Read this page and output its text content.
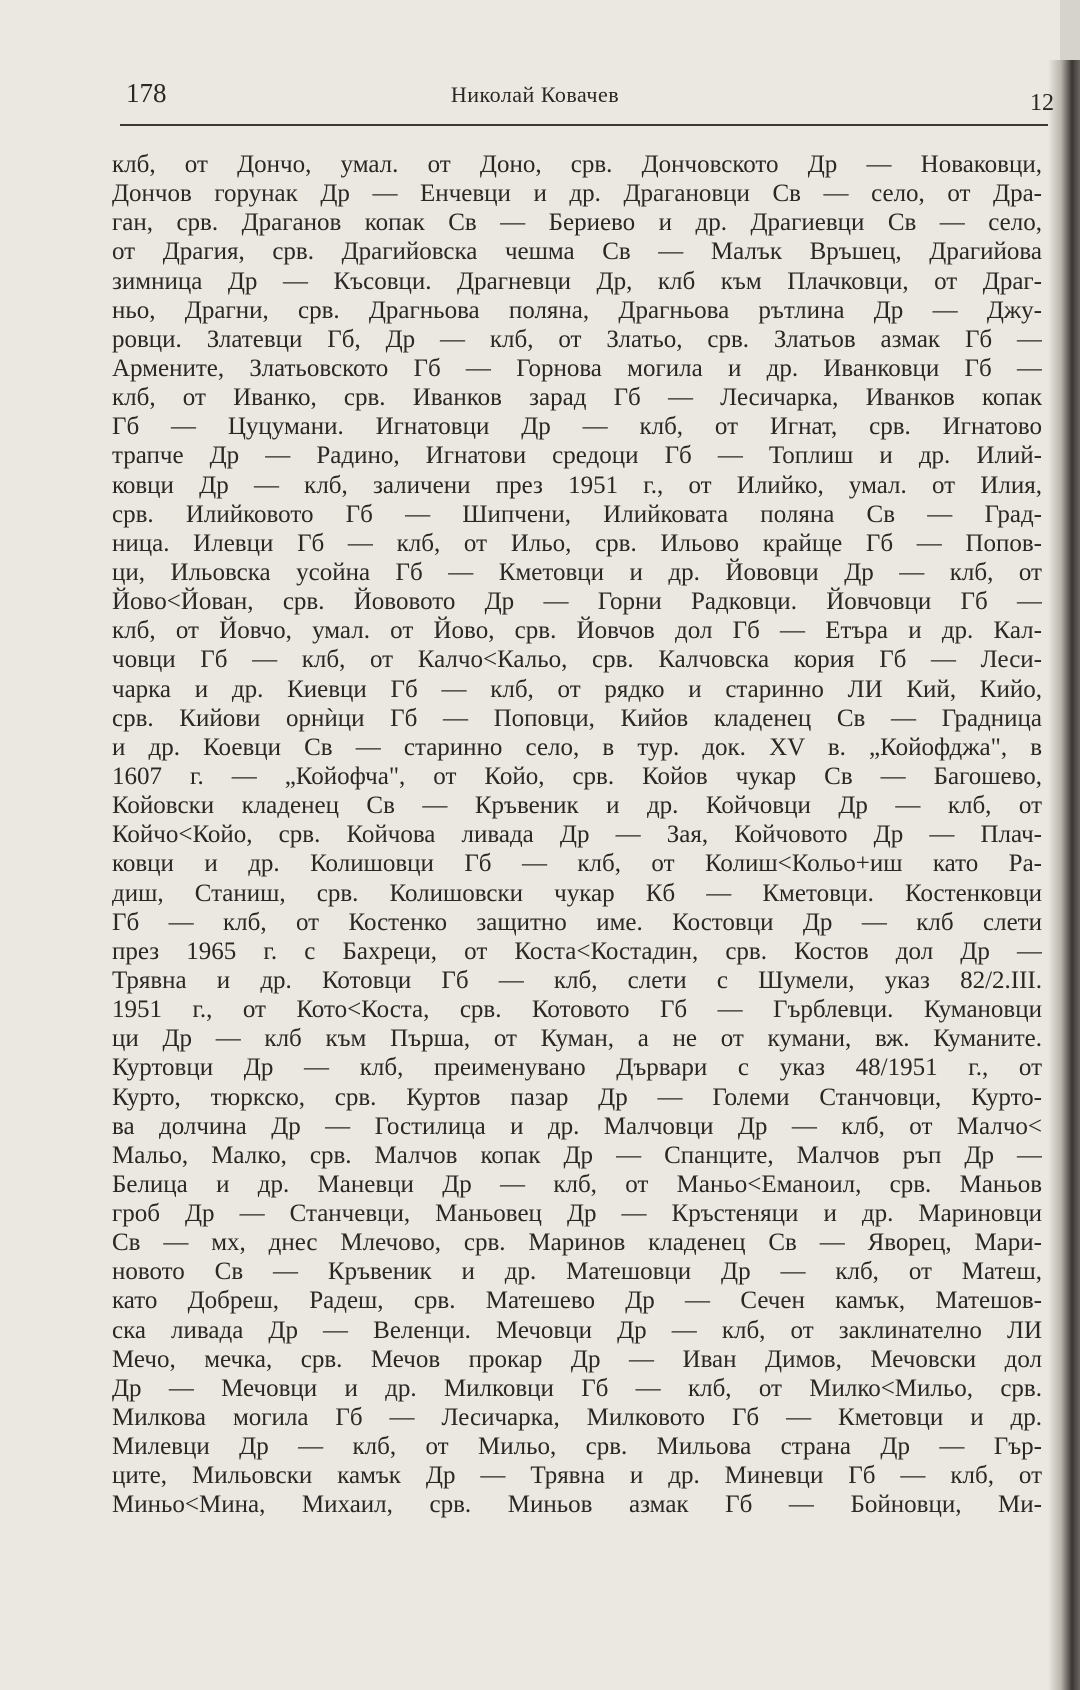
178	Николай Ковачев
клб, от Дончо, умал. от Доно, срв. Дончовското Др — Новаковци,
Дончов горунак Др — Енчевци и др. Драгановци Св — село, от Дра-
ган, срв. Драганов копак Св — Бериево и др. Драгиевци Св — село,
от Драгия, срв. Драгийовска чешма Св — Малък Връшец, Драгийова
зимница Др — Късовци. Драгневци Др, клб към Плачковци, от Драг-
ньо, Драгни, срв. Драгньова поляна, Драгньова рътлина Др — Джу-
ровци. Златевци Гб, Др — клб, от Златьо, срв. Златьов азмак Гб —
Армените, Златьовското Гб — Горнова могила и др. Иванковци Гб —
клб, от Иванко, срв. Иванков зарад Гб — Лесичарка, Иванков копак
Гб — Цуцумани. Игнатовци Др — клб, от Игнат, срв. Игнатово
трапче Др — Радино, Игнатови средоци Гб — Топлиш и др. Илий-
ковци Др — клб, заличени през 1951 г., от Илийко, умал. от Илия,
срв. Илийковото Гб — Шипчени, Илийковата поляна Св — Град-
ница. Илевци Гб — клб, от Ильо, срв. Ильово крайще Гб — Попов-
ци, Ильовска усойна Гб — Кметовци и др. Йововци Др — клб, от
Йово<Йован, срв. Йововото Др — Горни Радковци. Йовчовци Гб —
клб, от Йовчо, умал. от Йово, срв. Йовчов дол Гб — Етъра и др. Кал-
човци Гб — клб, от Калчо<Кальо, срв. Калчовска кория Гб — Леси-
чарка и др. Киевци Гб — клб, от рядко и старинно ЛИ Кий, Кийо,
срв. Кийови орнѝци Гб — Поповци, Кийов кладенец Св — Градница
и др. Коевци Св — старинно село, в тур. док. XV в. „Койофджа", в
1607 г. — „Койофча", от Койо, срв. Койов чукар Св — Багошево,
Койовски кладенец Св — Кръвеник и др. Койчовци Др — клб, от
Койчо<Койо, срв. Койчова ливада Др — Зая, Койчовото Др — Плач-
ковци и др. Колишовци Гб — клб, от Колиш<Кольо+иш като Ра-
диш, Станиш, срв. Колишовски чукар Кб — Кметовци. Костенковци
Гб — клб, от Костенко защитно име. Костовци Др — клб слети
през 1965 г. с Бахреци, от Коста<Костадин, срв. Костов дол Др —
Трявна и др. Котовци Гб — клб, слети с Шумели, указ 82/2.III.
1951 г., от Кото<Коста, срв. Котовото Гб — Гърблевци. Кумановци
ци Др — клб към Пърша, от Куман, а не от кумани, вж. Куманите.
Куртовци Др — клб, преименувано Дървари с указ 48/1951 г., от
Курто, тюркско, срв. Куртов пазар Др — Големи Станчовци, Курто-
ва долчина Др — Гостилица и др. Малчовци Др — клб, от Малчо<
Мальо, Малко, срв. Малчов копак Др — Спанците, Малчов ръп Др —
Белица и др. Маневци Др — клб, от Маньо<Еманоил, срв. Маньов
гроб Др — Станчевци, Маньовец Др — Кръстеняци и др. Мариновци
Св — мх, днес Млечово, срв. Маринов кладенец Св — Яворец, Мари-
новото Св — Кръвеник и др. Матешовци Др — клб, от Матеш,
като Добреш, Радеш, срв. Матешево Др — Сечен камък, Матешов-
ска ливада Др — Веленци. Мечовци Др — клб, от заклинателно ЛИ
Мечо, мечка, срв. Мечов прокар Др — Иван Димов, Мечовски дол
Др — Мечовци и др. Милковци Гб — клб, от Милко<Мильо, срв.
Милкова могила Гб — Лесичарка, Милковото Гб — Кметовци и др.
Милевци Др — клб, от Мильо, срв. Мильова страна Др — Гър-
ците, Мильовски камък Др — Трявна и др. Миневци Гб — клб, от
Миньо<Мина, Михаил, срв. Миньов азмак Гб — Бойновци, Ми-
12
